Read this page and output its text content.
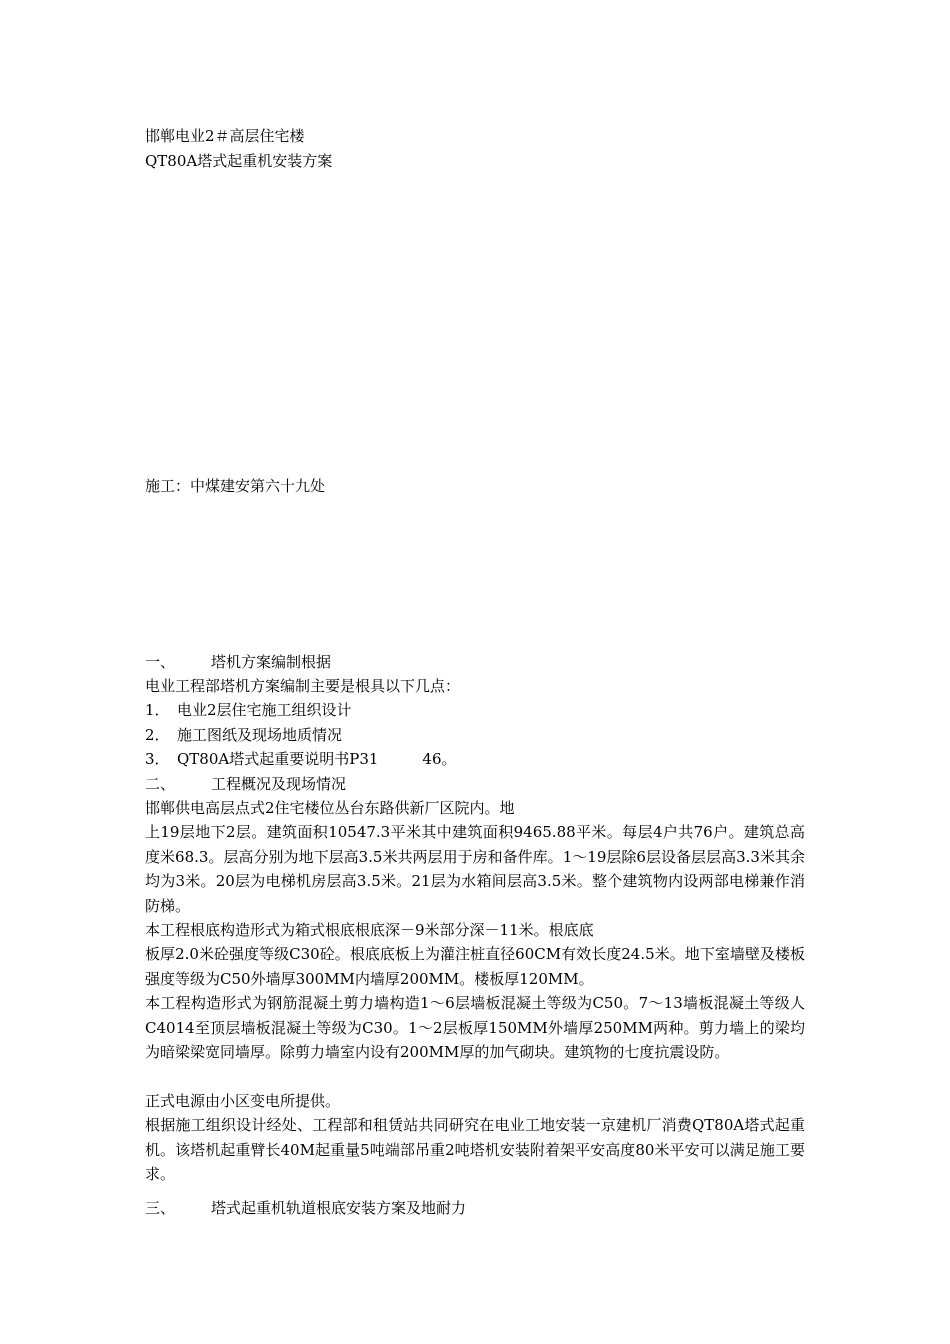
邯郸电业2＃高层住宅楼
QT80A塔式起重机安装方案
施工：中煤建安第六十九处
一、 塔机方案编制根据
电业工程部塔机方案编制主要是根具以下几点：
1． 电业2层住宅施工组织设计
2． 施工图纸及现场地质情况
3． QT80A塔式起重要说明书P31	46。
二、 工程概况及现场情况
邯郸供电高层点式2住宅楼位丛台东路供新厂区院内。地
上19层地下2层。建筑面积10547.3平米其中建筑面积9465.88平米。每层4户共76户。建筑总高度米68.3。层高分别为地下层高3.5米共两层用于房和备件库。1～19层除6层设备层层高3.3米其余均为3米。20层为电梯机房层高3.5米。21层为水箱间层高3.5米。整个建筑物内设两部电梯兼作消防梯。
本工程根底构造形式为箱式根底根底深－9米部分深－11米。根底底
板厚2.0米砼强度等级C30砼。根底底板上为灌注桩直径60CM有效长度24.5米。地下室墙壁及楼板强度等级为C50外墙厚300MM内墙厚200MM。楼板厚120MM。
本工程构造形式为钢筋混凝土剪力墙构造1～6层墙板混凝土等级为C50。7～13墙板混凝土等级人C4014至顶层墙板混凝土等级为C30。1～2层板厚150MM外墙厚250MM两种。剪力墙上的梁均为暗梁梁宽同墙厚。除剪力墙室内设有200MM厚的加气砌块。建筑物的七度抗震设防。
正式电源由小区变电所提供。
根据施工组织设计经处、工程部和租赁站共同研究在电业工地安装一京建机厂消费QT80A塔式起重机。该塔机起重臂长40M起重量5吨端部吊重2吨塔机安装附着架平安高度80米平安可以满足施工要求。
三、 塔式起重机轨道根底安装方案及地耐力
